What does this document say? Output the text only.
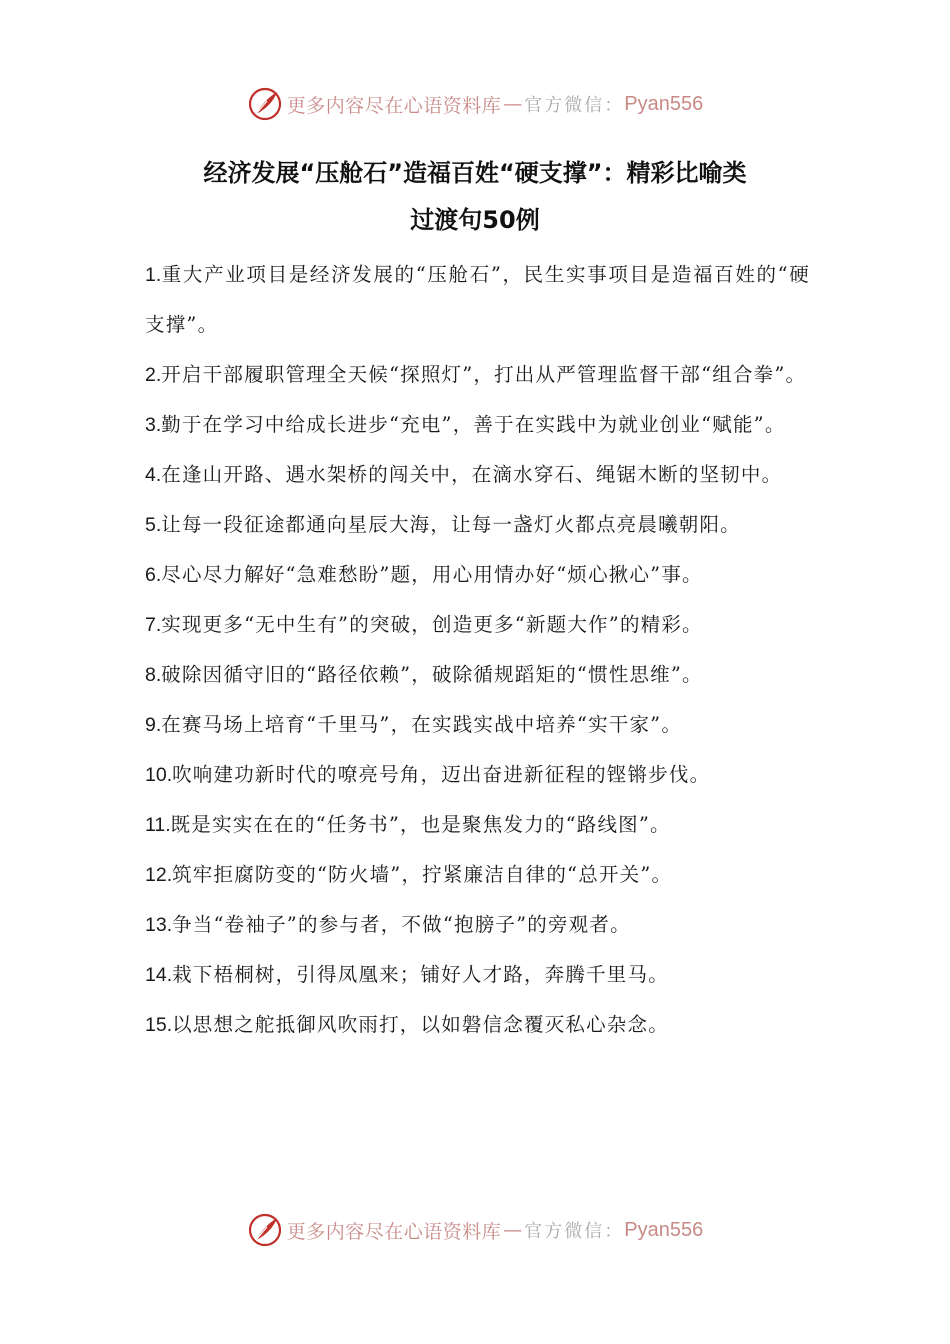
更多内容尽在心语资料库 — 官方微信： Pyan556
经济发展“压舱石”造福百姓“硬支撑”：精彩比喻类
过渡句50例
1.重大产业项目是经济发展的“压舱石”，民生实事项目是造福百姓的“硬支撑”。
2.开启干部履职管理全天候“探照灯”，打出从严管理监督干部“组合拳”。
3.勤于在学习中给成长进步“充电”，善于在实践中为就业创业“赋能”。
4.在逢山开路、遇水架桥的闯关中，在滴水穿石、绳锯木断的坚韧中。
5.让每一段征途都通向星辰大海，让每一盏灯火都点亮晨曦朝阳。
6.尽心尽力解好“急难愁盼”题，用心用情办好“烦心揪心”事。
7.实现更多“无中生有”的突破，创造更多“新题大作”的精彩。
8.破除因循守旧的“路径依赖”，破除循规蹈矩的“惯性思维”。
9.在赛马场上培育“千里马”，在实践实战中培养“实干家”。
10.吹响建功新时代的嘹亮号角，迈出奋进新征程的铿锵步伐。
11.既是实实在在的“任务书”，也是聚焦发力的“路线图”。
12.筑牢拒腐防变的“防火墙”，拧紧廉洁自律的“总开关”。
13.争当“卷袖子”的参与者，不做“抱膀子”的旁观者。
14.栽下梧桐树，引得凤凰来；铺好人才路，奔腾千里马。
15.以思想之舵抵御风吹雨打，以如磐信念覆灭私心杂念。
更多内容尽在心语资料库 — 官方微信： Pyan556
